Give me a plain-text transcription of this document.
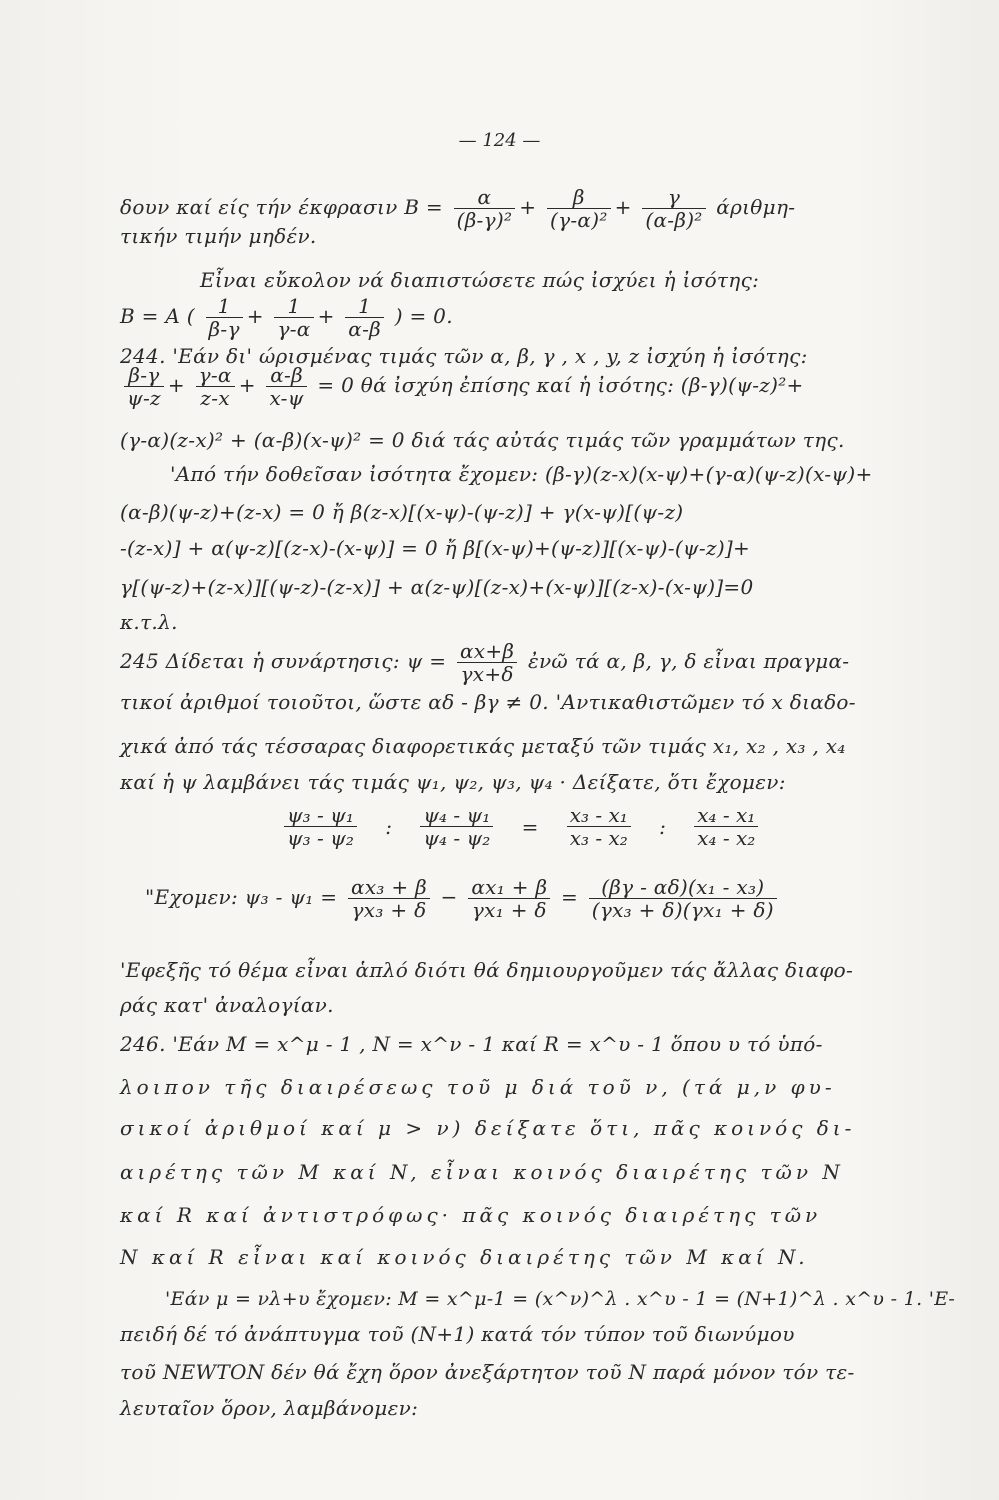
— 124 —
δουν καί είς τήν έκφρασιν $B = \frac{\alpha}{\text{(β-γ)²}} + \frac{\beta}{\text{(γ-α)²}} + \frac{\gamma}{\text{(α-β)²}} ά\rho\iota\theta\mu\eta-$
τικήν τιμήν μηδέν.
Εἶναι εὔκολον νά διαπιστώσετε πώς ἰσχύει ἡ ἰσότης:
B = A ( $\frac{1}{\beta-\gamma} + \frac{1}{\gamma-\alpha} + \frac{1}{\alpha-\beta}$ ) = 0.
244. 'Εάν δι' ώρισμένας τιμάς τῶν α, β, γ , x , y, z ἰσχύη ἡ ἰσότης:
$\frac{\beta-\gamma}{\psi-z} + \frac{\gamma-\alpha}{z-x} + \frac{\alpha-\beta}{x-\psi} = 0$ θά ἰσχύη ἐπίσης καί ἡ ἰσότης: (β-γ)(ψ-z)²+
(γ-α)(z-x)² + (α-β)(x-ψ)² = 0 διά τάς αὐτάς τιμάς τῶν γραμμάτων της.
'Από τήν δοθεῖσαν ἰσότητα ἔχομεν: (β-γ)(z-x)(x-ψ)+(γ-α)(ψ-z)(x-ψ)+
(α-β)(ψ-z)+(z-x) = 0 ἤ β(z-x)[(x-ψ)-(ψ-z)] + γ(x-ψ)[(ψ-z)
-(z-x)] + α(ψ-z)[(z-x)-(x-ψ)] = 0 ἤ β[(x-ψ)+(ψ-z)][(x-ψ)-(ψ-z)]+
γ[(ψ-z)+(z-x)][(ψ-z)-(z-x)] + α(z-ψ)[(z-x)+(x-ψ)][(z-x)-(x-ψ)]=0
κ.τ.λ.
245 Δίδεται ἡ συνάρτησις: $\psi = \frac{\alpha x+\beta}{\gamma x+\delta}$ ἐνῶ τά α, β, γ, δ εἶναι πραγμα-
τικοί ἀριθμοί τοιοῦτοι, ὥστε αδ - βγ ≠ 0. 'Αντικαθιστῶμεν τό x διαδο-
χικά ἀπό τάς τέσσαρας διαφορετικάς μεταξύ τῶν τιμάς x₁, x₂ , x₃ , x₄
καί ἡ ψ λαμβάνει τάς τιμάς ψ₁, ψ₂, ψ₃, ψ₄ · Δείξατε, ὅτι ἔχομεν:
$\frac{\text{ψ₃ - ψ₁}}{\text{ψ₃ - ψ₂}}$ : $\frac{\text{ψ₄ - ψ₁}}{\text{ψ₄ - ψ₂}} = \frac{\text{x₃ - x₁}}{\text{x₃ - x₂}}$ : $\frac{\text{x₄ - x₁}}{\text{x₄ - x₂}}$
"Εχομεν: $\psi_3 - \psi_1 = \frac{\text{αx₃ + β}}{\text{γx₃ + δ}} - \frac{\text{αx₁ + β}}{\text{γx₁ + δ}} = \frac{\text{(βγ - αδ)(x₁ - x₃)}}{\text{(γx₃ + δ)(γx₁ + δ)}}$
'Εφεξῆς τό θέμα εἶναι ἁπλό διότι θά δημιουργοῦμεν τάς ἄλλας διαφο-
ράς κατ' ἀναλογίαν.
246. 'Εάν M = x^μ - 1 , N = x^ν - 1 καί R = x^υ - 1 ὅπου υ τό ὑπό-
λοιπον τῆς διαιρέσεως τοῦ μ διά τοῦ ν, (τά μ,ν φυ-
σικοί ἀριθμοί καί μ > ν) δείξατε ὅτι, πᾶς κοινός δι-
αιρέτης τῶν M καί N, εἶναι κοινός διαιρέτης τῶν N
καί R καί ἀντιστρόφως· πᾶς κοινός διαιρέτης τῶν
N καί R εἶναι καί κοινός διαιρέτης τῶν M καί N.
'Εάν μ = νλ+υ ἔχομεν: M = x^μ-1 = (x^ν)^λ . x^υ - 1 = (N+1)^λ . x^υ - 1. 'Ε-
πειδή δέ τό ἀνάπτυγμα τοῦ (N+1) κατά τόν τύπον τοῦ διωνύμου
τοῦ NEWTON δέν θά ἔχη ὅρον ἀνεξάρτητον τοῦ N παρά μόνον τόν τε-
λευταῖον ὅρον, λαμβάνομεν:
